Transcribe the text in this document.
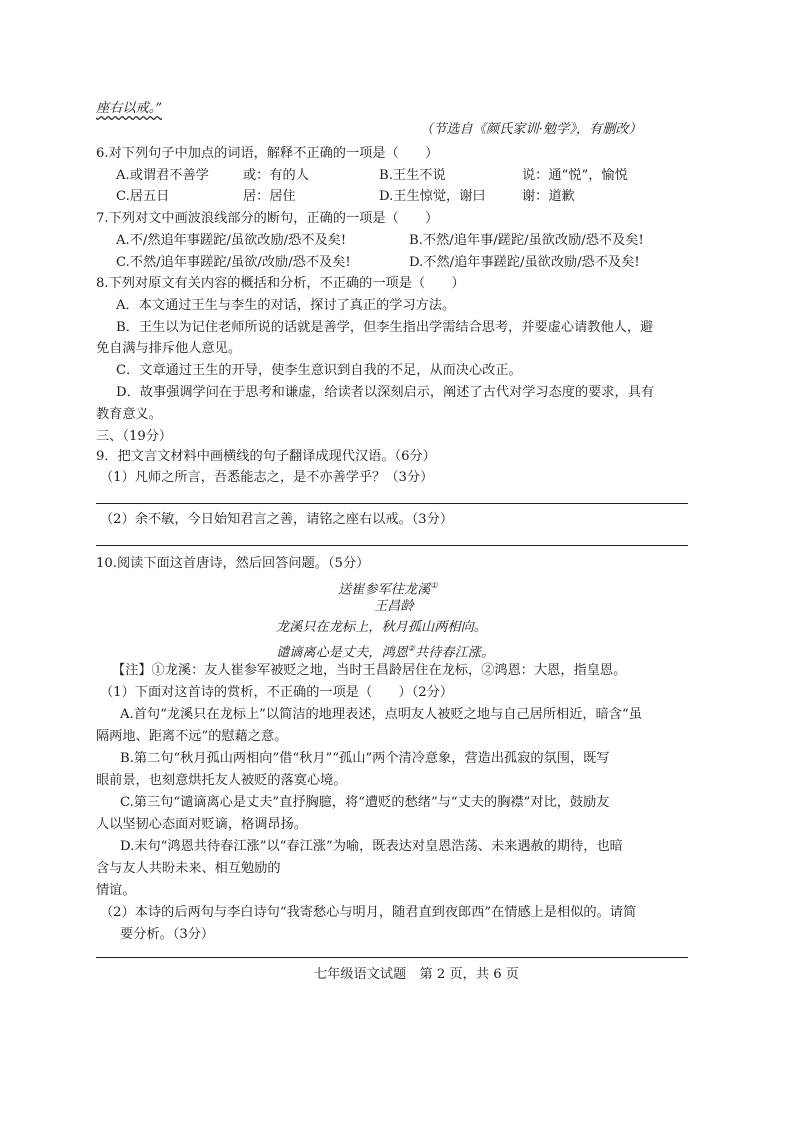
座右以戒。”
（节选自《颜氏家训·勉学》，有删改）
6.对下列句子中加点的词语，解释不正确的一项是（　　）
A.或谓君不善学	或：有的人	B.王生不说	说：通“悦”，愉悦
C.居五日	居：居住	D.王生惊觉，谢曰	谢：道歉
7.下列对文中画波浪线部分的断句，正确的一项是（　　）
A.不/然追年事蹉跎/虽欲改励/恐不及矣!	B.不然/追年事/蹉跎/虽欲改励/恐不及矣!
C.不然/追年事蹉跎/虽欲/改励/恐不及矣!	D.不然/追年事蹉跎/虽欲改励/恐不及矣!
8.下列对原文有关内容的概括和分析，不正确的一项是（　　）
A．本文通过王生与李生的对话，探讨了真正的学习方法。
B．王生以为记住老师所说的话就是善学，但李生指出学需结合思考，并要虚心请教他人，避
免自满与排斥他人意见。
C．文章通过王生的开导，使李生意识到自我的不足，从而决心改正。
D．故事强调学问在于思考和谦虚，给读者以深刻启示，阐述了古代对学习态度的要求，具有
教育意义。
三、（19分）
9．把文言文材料中画横线的句子翻译成现代汉语。（6分）
（1）凡师之所言，吾悉能志之，是不亦善学乎？（3分）
（2）余不敏，今日始知君言之善，请铭之座右以戒。（3分）
10.阅读下面这首唐诗，然后回答问题。（5分）
送崔参军往龙溪①
王昌龄
龙溪只在龙标上，秋月孤山两相向。
谴谪离心是丈夫，鸿恩②共待春江涨。
【注】①龙溪：友人崔参军被贬之地，当时王昌龄居住在龙标，②鸿恩：大恩，指皇恩。
（1）下面对这首诗的赏析，不正确的一项是（　　）（2分）
A.首句“龙溪只在龙标上”以简洁的地理表述，点明友人被贬之地与自己居所相近，暗含“虽
隔两地、距离不远”的慰藉之意。
B.第二句“秋月孤山两相向”借“秋月”“孤山”两个清冷意象，营造出孤寂的氛围，既写
眼前景，也刻意烘托友人被贬的落寞心境。
C.第三句“谴谪离心是丈夫”直抒胸臆，将“遭贬的愁绪”与“丈夫的胸襟”对比，鼓励友
人以坚韧心态面对贬谪，格调昂扬。
D.末句“鸿恩共待春江涨”以“春江涨”为喻，既表达对皇恩浩荡、未来遇赦的期待，也暗
含与友人共盼未来、相互勉励的
情谊。
（2）本诗的后两句与李白诗句“我寄愁心与明月，随君直到夜郎西”在情感上是相似的。请简
要分析。（3分）
七年级语文试题　第 2 页，共 6 页
